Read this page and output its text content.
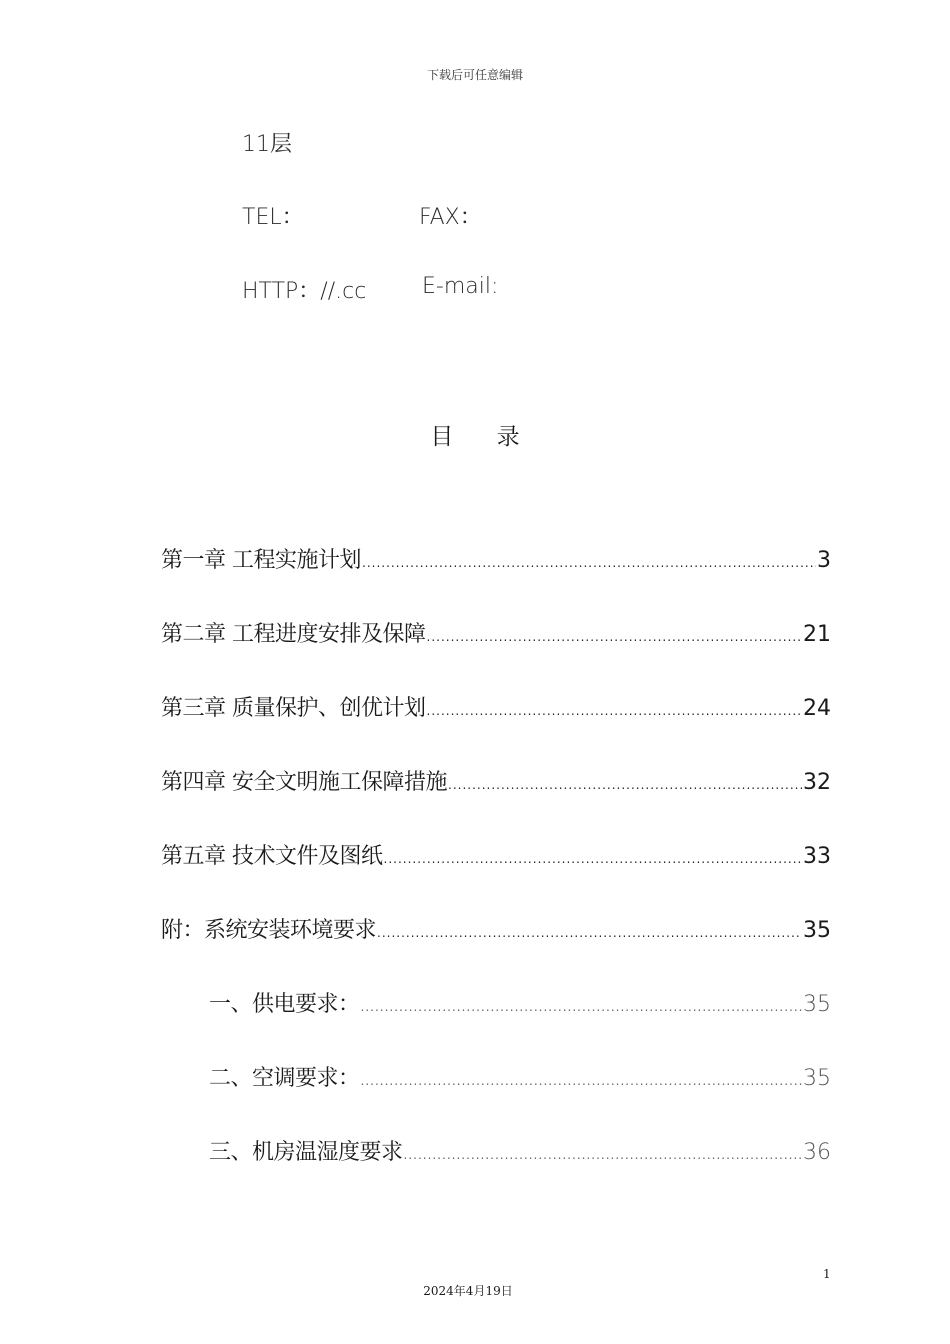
下载后可任意编辑
11层
TEL：	FAX：
HTTP：//.cc	E-mail:
目 录
第一章 工程实施计划 .....	3
第二章 工程进度安排及保障 .....	21
第三章 质量保护、创优计划 .....	24
第四章 安全文明施工保障措施 .....	32
第五章 技术文件及图纸 .....	33
附：系统安装环境要求 .....	35
一、供电要求： .....	35
二、空调要求： .....	35
三、机房温湿度要求 .....	36
1
2024年4月19日
